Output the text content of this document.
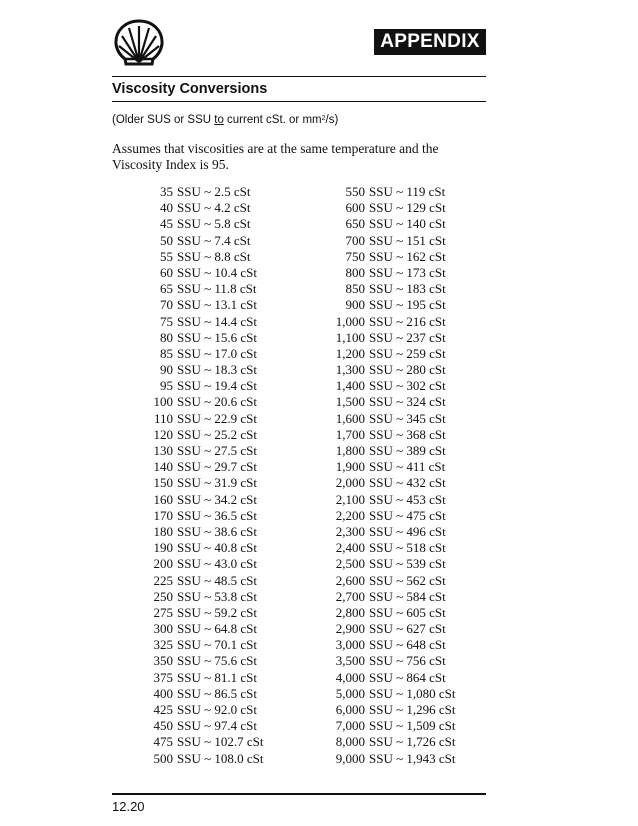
APPENDIX
Viscosity Conversions
(Older SUS or SSU to current cSt. or $mm^2/s$)
Assumes that viscosities are at the same temperature and the Viscosity Index is 95.
35 SSU ~ 2.5 cSt
40 SSU ~ 4.2 cSt
45 SSU ~ 5.8 cSt
50 SSU ~ 7.4 cSt
55 SSU ~ 8.8 cSt
60 SSU ~ 10.4 cSt
65 SSU ~ 11.8 cSt
70 SSU ~ 13.1 cSt
75 SSU ~ 14.4 cSt
80 SSU ~ 15.6 cSt
85 SSU ~ 17.0 cSt
90 SSU ~ 18.3 cSt
95 SSU ~ 19.4 cSt
100 SSU ~ 20.6 cSt
110 SSU ~ 22.9 cSt
120 SSU ~ 25.2 cSt
130 SSU ~ 27.5 cSt
140 SSU ~ 29.7 cSt
150 SSU ~ 31.9 cSt
160 SSU ~ 34.2 cSt
170 SSU ~ 36.5 cSt
180 SSU ~ 38.6 cSt
190 SSU ~ 40.8 cSt
200 SSU ~ 43.0 cSt
225 SSU ~ 48.5 cSt
250 SSU ~ 53.8 cSt
275 SSU ~ 59.2 cSt
300 SSU ~ 64.8 cSt
325 SSU ~ 70.1 cSt
350 SSU ~ 75.6 cSt
375 SSU ~ 81.1 cSt
400 SSU ~ 86.5 cSt
425 SSU ~ 92.0 cSt
450 SSU ~ 97.4 cSt
475 SSU ~ 102.7 cSt
500 SSU ~ 108.0 cSt
550 SSU ~ 119 cSt
600 SSU ~ 129 cSt
650 SSU ~ 140 cSt
700 SSU ~ 151 cSt
750 SSU ~ 162 cSt
800 SSU ~ 173 cSt
850 SSU ~ 183 cSt
900 SSU ~ 195 cSt
1,000 SSU ~ 216 cSt
1,100 SSU ~ 237 cSt
1,200 SSU ~ 259 cSt
1,300 SSU ~ 280 cSt
1,400 SSU ~ 302 cSt
1,500 SSU ~ 324 cSt
1,600 SSU ~ 345 cSt
1,700 SSU ~ 368 cSt
1,800 SSU ~ 389 cSt
1,900 SSU ~ 411 cSt
2,000 SSU ~ 432 cSt
2,100 SSU ~ 453 cSt
2,200 SSU ~ 475 cSt
2,300 SSU ~ 496 cSt
2,400 SSU ~ 518 cSt
2,500 SSU ~ 539 cSt
2,600 SSU ~ 562 cSt
2,700 SSU ~ 584 cSt
2,800 SSU ~ 605 cSt
2,900 SSU ~ 627 cSt
3,000 SSU ~ 648 cSt
3,500 SSU ~ 756 cSt
4,000 SSU ~ 864 cSt
5,000 SSU ~ 1,080 cSt
6,000 SSU ~ 1,296 cSt
7,000 SSU ~ 1,509 cSt
8,000 SSU ~ 1,726 cSt
9,000 SSU ~ 1,943 cSt
12.20
